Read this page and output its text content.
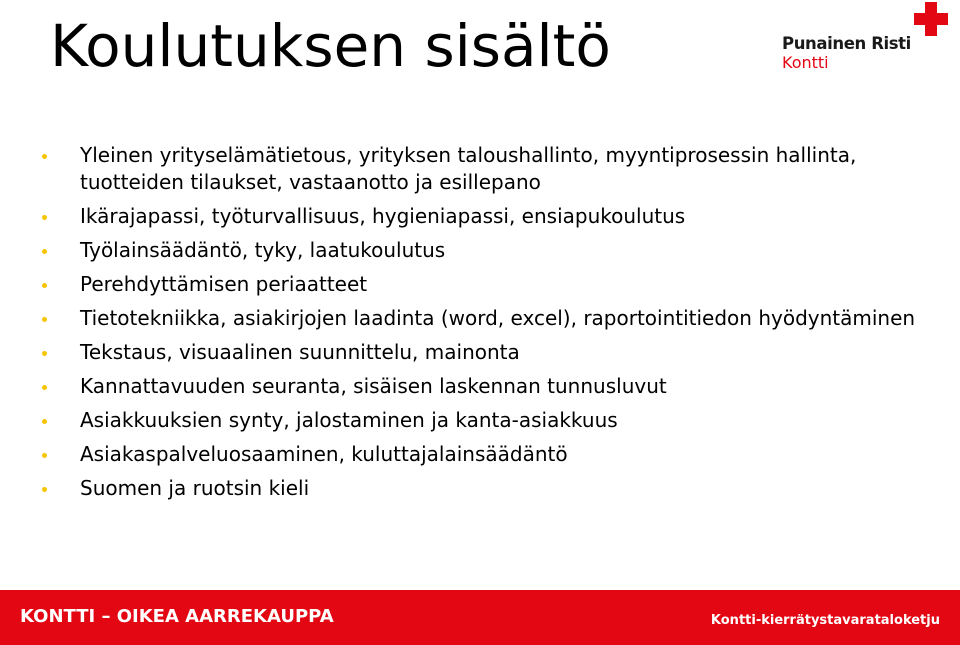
Koulutuksen sisältö	Punainen Risti
Kontti
Yleinen yrityselämätietous, yrityksen taloushallinto, myyntiprosessin hallinta, tuotteiden tilaukset, vastaanotto ja esillepano
Ikärajapassi, työturvallisuus, hygieniapassi, ensiapukoulutus
Työlainsäädäntö, tyky, laatukoulutus
Perehdyttämisen periaatteet
Tietotekniikka, asiakirjojen laadinta (word, excel), raportointitiedon hyödyntäminen
Tekstaus, visuaalinen suunnittelu, mainonta
Kannattavuuden seuranta, sisäisen laskennan tunnusluvut
Asiakkuuksien synty, jalostaminen ja kanta-asiakkuus
Asiakaspalveluosaaminen, kuluttajalainsäädäntö
Suomen ja ruotsin kieli
KONTTI – OIKEA AARREKAUPPA	Kontti-kierrätystavarataloketju
